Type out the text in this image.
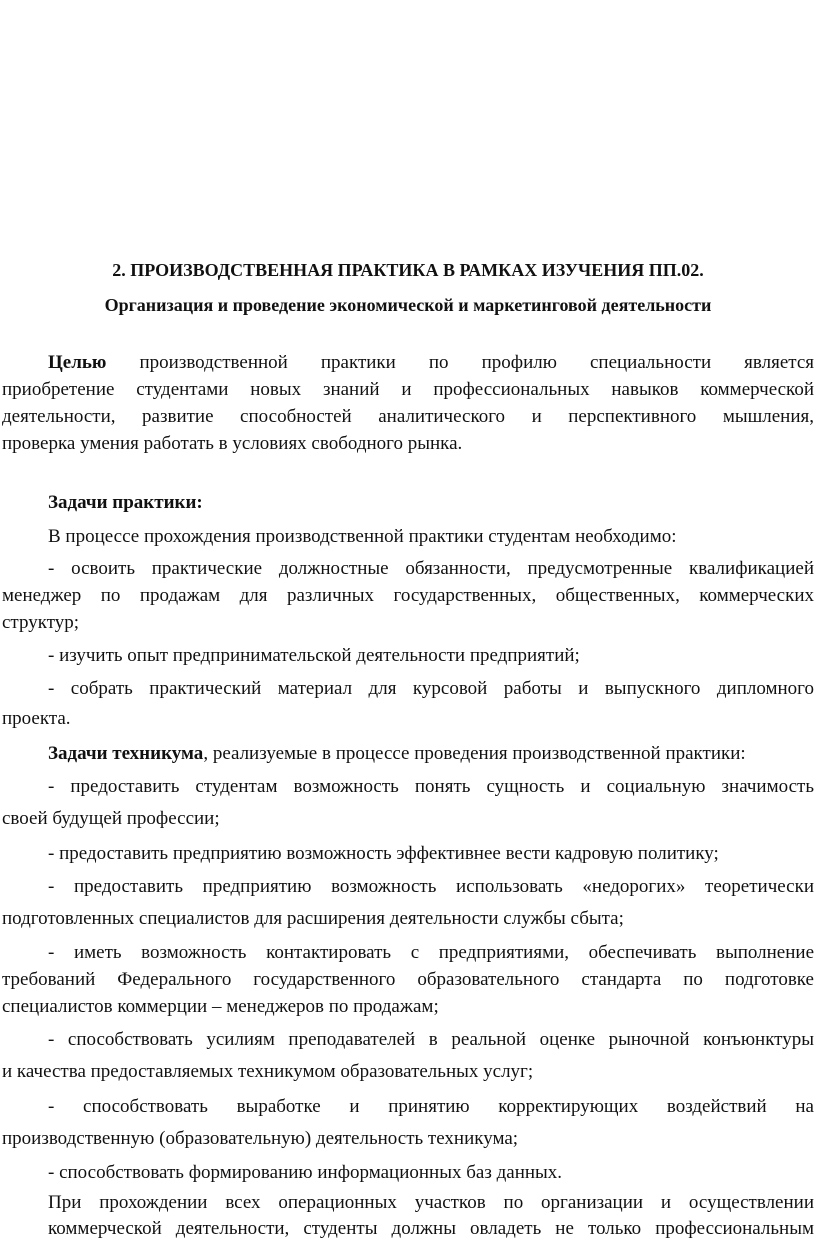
2. ПРОИЗВОДСТВЕННАЯ ПРАКТИКА В РАМКАХ ИЗУЧЕНИЯ ПП.02.
Организация и проведение экономической и маркетинговой деятельности
Целью производственной практики по профилю специальности является
приобретение студентами новых знаний и профессиональных навыков коммерческой
деятельности, развитие способностей аналитического и перспективного мышления,
проверка умения работать в условиях свободного рынка.
Задачи практики:
В процессе прохождения производственной практики студентам необходимо:
- освоить практические должностные обязанности, предусмотренные квалификацией
менеджер по продажам для различных государственных, общественных, коммерческих
структур;
- изучить опыт предпринимательской деятельности предприятий;
- собрать практический материал для курсовой работы и выпускного дипломного
проекта.
Задачи техникума, реализуемые в процессе проведения производственной практики:
- предоставить студентам возможность понять сущность и социальную значимость
своей будущей профессии;
- предоставить предприятию возможность эффективнее вести кадровую политику;
- предоставить предприятию возможность использовать «недорогих» теоретически
подготовленных специалистов для расширения деятельности службы сбыта;
- иметь возможность контактировать с предприятиями, обеспечивать выполнение
требований Федерального государственного образовательного стандарта по подготовке
специалистов коммерции – менеджеров по продажам;
- способствовать усилиям преподавателей в реальной оценке рыночной конъюнктуры
и качества предоставляемых техникумом образовательных услуг;
- способствовать выработке и принятию корректирующих воздействий на
производственную (образовательную) деятельность техникума;
- способствовать формированию информационных баз данных.
При прохождении всех операционных участков по организации и осуществлении
коммерческой деятельности, студенты должны овладеть не только профессиональным
